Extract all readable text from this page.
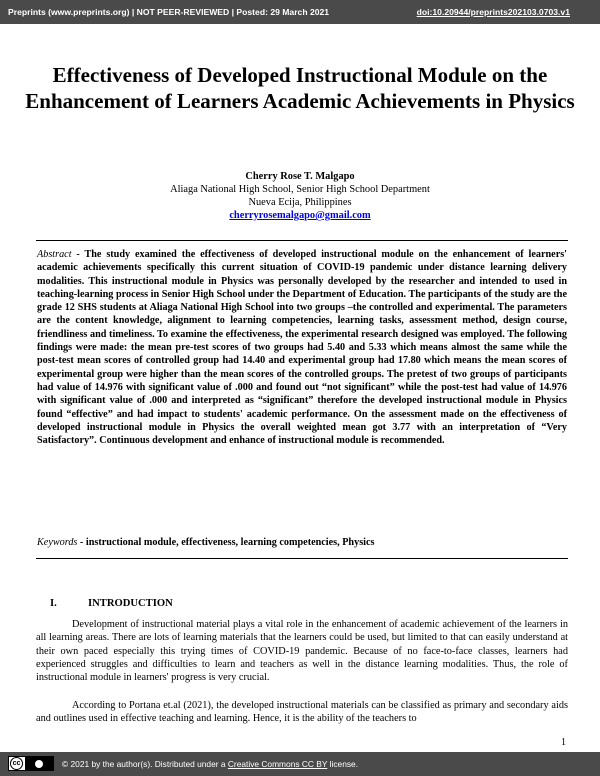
Preprints (www.preprints.org) | NOT PEER-REVIEWED | Posted: 29 March 2021	doi:10.20944/preprints202103.0703.v1
Effectiveness of Developed Instructional Module on the Enhancement of Learners Academic Achievements in Physics
Cherry Rose T. Malgapo
Aliaga National High School, Senior High School Department
Nueva Ecija, Philippines
cherryrosemalgapo@gmail.com
Abstract - The study examined the effectiveness of developed instructional module on the enhancement of learners' academic achievements specifically this current situation of COVID-19 pandemic under distance learning delivery modalities. This instructional module in Physics was personally developed by the researcher and intended to used in teaching-learning process in Senior High School under the Department of Education. The participants of the study are the grade 12 SHS students at Aliaga National High School into two groups –the controlled and experimental. The parameters are the content knowledge, alignment to learning competencies, learning tasks, assessment method, design course, friendliness and timeliness. To examine the effectiveness, the experimental research designed was employed. The following findings were made: the mean pre-test scores of two groups had 5.40 and 5.33 which means almost the same while the post-test mean scores of controlled group had 14.40 and experimental group had 17.80 which means the mean scores of experimental group were higher than the mean scores of the controlled groups. The pretest of two groups of participants had value of 14.976 with significant value of .000 and found out “not significant” while the post-test had value of 14.976 with significant value of .000 and interpreted as “significant” therefore the developed instructional module in Physics found “effective” and had impact to students' academic performance. On the assessment made on the effectiveness of developed instructional module in Physics the overall weighted mean got 3.77 with an interpretation of “Very Satisfactory”. Continuous development and enhance of instructional module is recommended.
Keywords - instructional module, effectiveness, learning competencies, Physics
I.	INTRODUCTION
Development of instructional material plays a vital role in the enhancement of academic achievement of the learners in all learning areas. There are lots of learning materials that the learners could be used, but limited to that can easily understand at their own paced especially this trying times of COVID-19 pandemic. Because of no face-to-face classes, learners had experienced struggles and difficulties to learn and teachers as well in the distance learning modalities. Thus, the role of instructional module in learners' progress is very crucial.
According to Portana et.al (2021), the developed instructional materials can be classified as primary and secondary aids and outlines used in effective teaching and learning. Hence, it is the ability of the teachers to
1
cc	© 2021 by the author(s). Distributed under a Creative Commons CC BY license.
